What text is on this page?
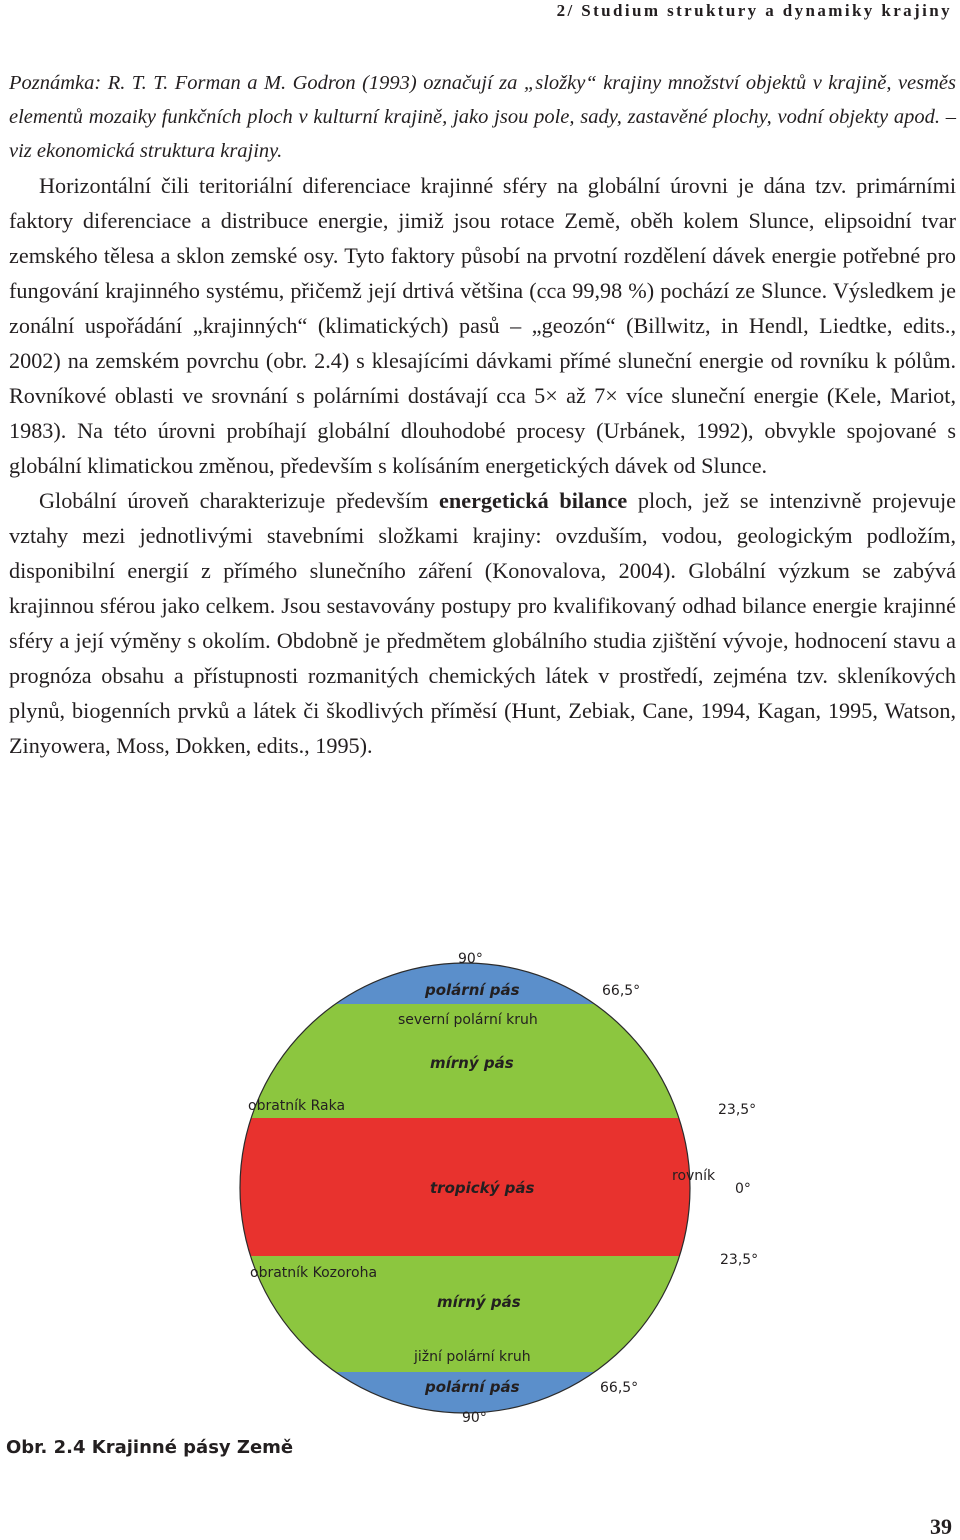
2/ Studium struktury a dynamiky krajiny

Poznámka: R. T. T. Forman a M. Godron (1993) označují za „složky“ krajiny množství objektů v krajině, vesměs elementů mozaiky funkčních ploch v kulturní krajině, jako jsou pole, sady, zastavěné plochy, vodní objekty apod. – viz ekonomická struktura krajiny.

Horizontální čili teritoriální diferenciace krajinné sféry na globální úrovni je dána tzv. primárními faktory diferenciace a distribuce energie, jimiž jsou rotace Země, oběh kolem Slunce, elipsoidní tvar zemského tělesa a sklon zemské osy. Tyto faktory působí na prvotní rozdělení dávek energie potřebné pro fungování krajinného systému, přičemž její drtivá většina (cca 99,98 %) pochází ze Slunce. Výsledkem je zonální uspořádání „krajinných“ (klimatických) pasů – „geozón“ (Billwitz, in Hendl, Liedtke, edits., 2002) na zemském povrchu (obr. 2.4) s klesajícími dávkami přímé sluneční energie od rovníku k pólům. Rovníkové oblasti ve srovnání s polárními dostávají cca 5× až 7× více sluneční energie (Kele, Mariot, 1983). Na této úrovni probíhají globální dlouhodobé procesy (Urbánek, 1992), obvykle spojované s globální klimatickou změnou, především s kolísáním energetických dávek od Slunce.

Globální úroveň charakterizuje především energetická bilance ploch, jež se intenzivně projevuje vztahy mezi jednotlivými stavebními složkami krajiny: ovzduším, vodou, geologickým podložím, disponibilní energií z přímého slunečního záření (Konovalova, 2004). Globální výzkum se zabývá krajinnou sférou jako celkem. Jsou sestavovány postupy pro kvalifikovaný odhad bilance energie krajinné sféry a její výměny s okolím. Obdobně je předmětem globálního studia zjištění vývoje, hodnocení stavu a prognóza obsahu a přístupnosti rozmanitých chemických látek v prostředí, zejména tzv. skleníkových plynů, biogenních prvků a látek či škodlivých příměsí (Hunt, Zebiak, Cane, 1994, Kagan, 1995, Watson, Zinyowera, Moss, Dokken, edits., 1995).

90°
polární pás	66,5°
severní polární kruh
mírný pás
obratník Raka	23,5°
tropický pás
rovník
0°
23,5°
obratník Kozoroha
mírný pás
jižní polární kruh
polární pás	66,5°
90°
Obr. 2.4 Krajinné pásy Země
39
